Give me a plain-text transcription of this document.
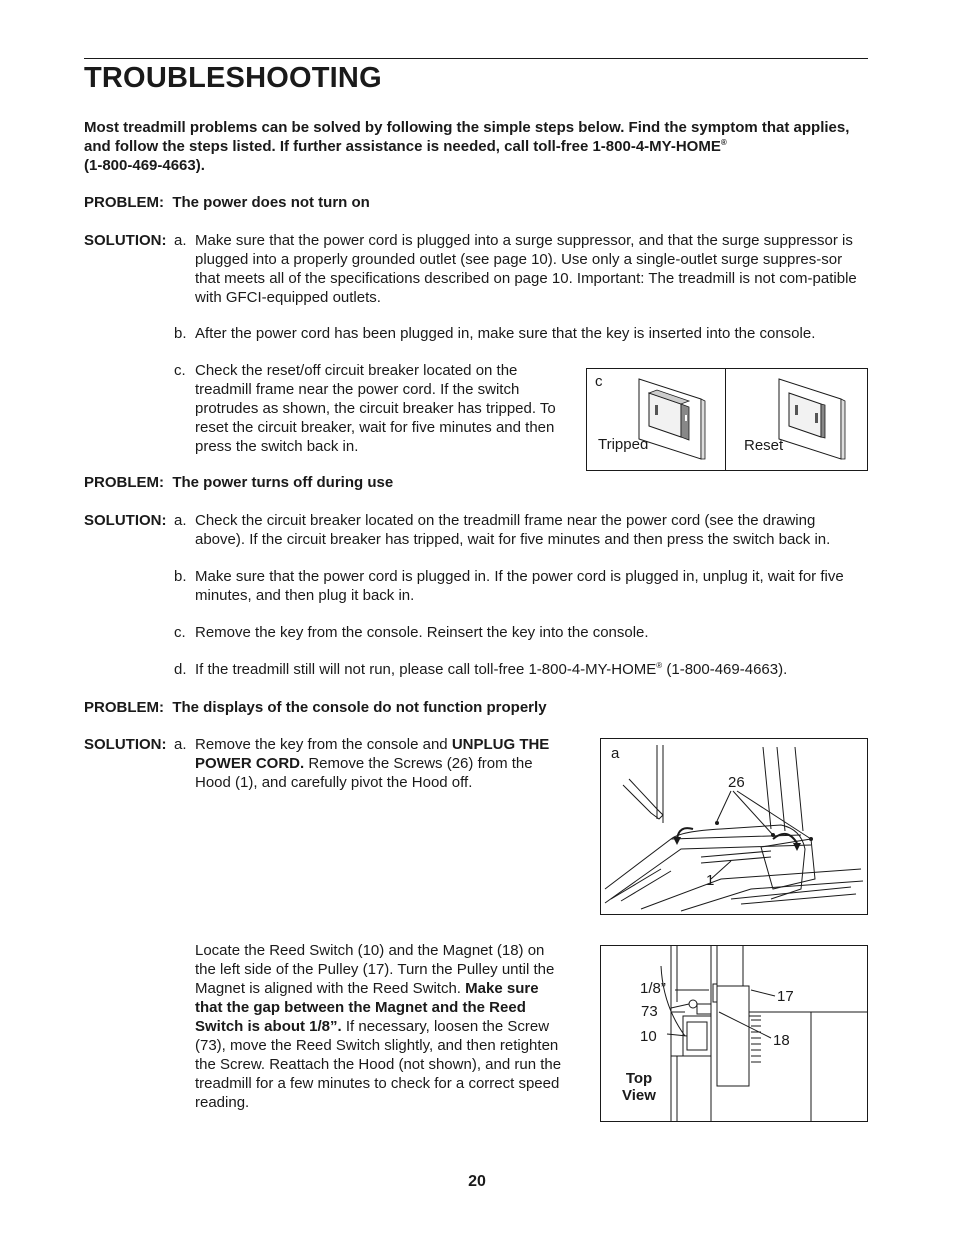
TROUBLESHOOTING

Most treadmill problems can be solved by following the simple steps below. Find the symptom that applies, and follow the steps listed. If further assistance is needed, call toll-free 1-800-4-MY-HOME®
(1-800-469-4663).

PROBLEM: The power does not turn on
SOLUTION: a. Make sure that the power cord is plugged into a surge suppressor, and that the surge suppressor is plugged into a properly grounded outlet (see page 10). Use only a single-outlet surge suppres-sor that meets all of the specifications described on page 10. Important: The treadmill is not com-patible with GFCI-equipped outlets.

b. After the power cord has been plugged in, make sure that the key is inserted into the console.

c. Check the reset/off circuit breaker located on the treadmill frame near the power cord. If the switch protrudes as shown, the circuit breaker has tripped. To reset the circuit breaker, wait for five minutes and then press the switch back in.

c
Tripped	Reset
PROBLEM: The power turns off during use
SOLUTION: a. Check the circuit breaker located on the treadmill frame near the power cord (see the drawing above). If the circuit breaker has tripped, wait for five minutes and then press the switch back in.

b. Make sure that the power cord is plugged in. If the power cord is plugged in, unplug it, wait for five minutes, and then plug it back in.

c. Remove the key from the console. Reinsert the key into the console.

d. If the treadmill still will not run, please call toll-free 1-800-4-MY-HOME® (1-800-469-4663).

PROBLEM: The displays of the console do not function properly
SOLUTION: a. Remove the key from the console and UNPLUG THE POWER CORD. Remove the Screws (26) from the Hood (1), and carefully pivot the Hood off.

a
26
1

Locate the Reed Switch (10) and the Magnet (18) on the left side of the Pulley (17). Turn the Pulley until the Magnet is aligned with the Reed Switch. Make sure that the gap between the Magnet and the Reed Switch is about 1/8”. If necessary, loosen the Screw (73), move the Reed Switch slightly, and then retighten the Screw. Reattach the Hood (not shown), and run the treadmill for a few minutes to check for a correct speed reading.

1/8”
73
10
17
18
Top
View
20
